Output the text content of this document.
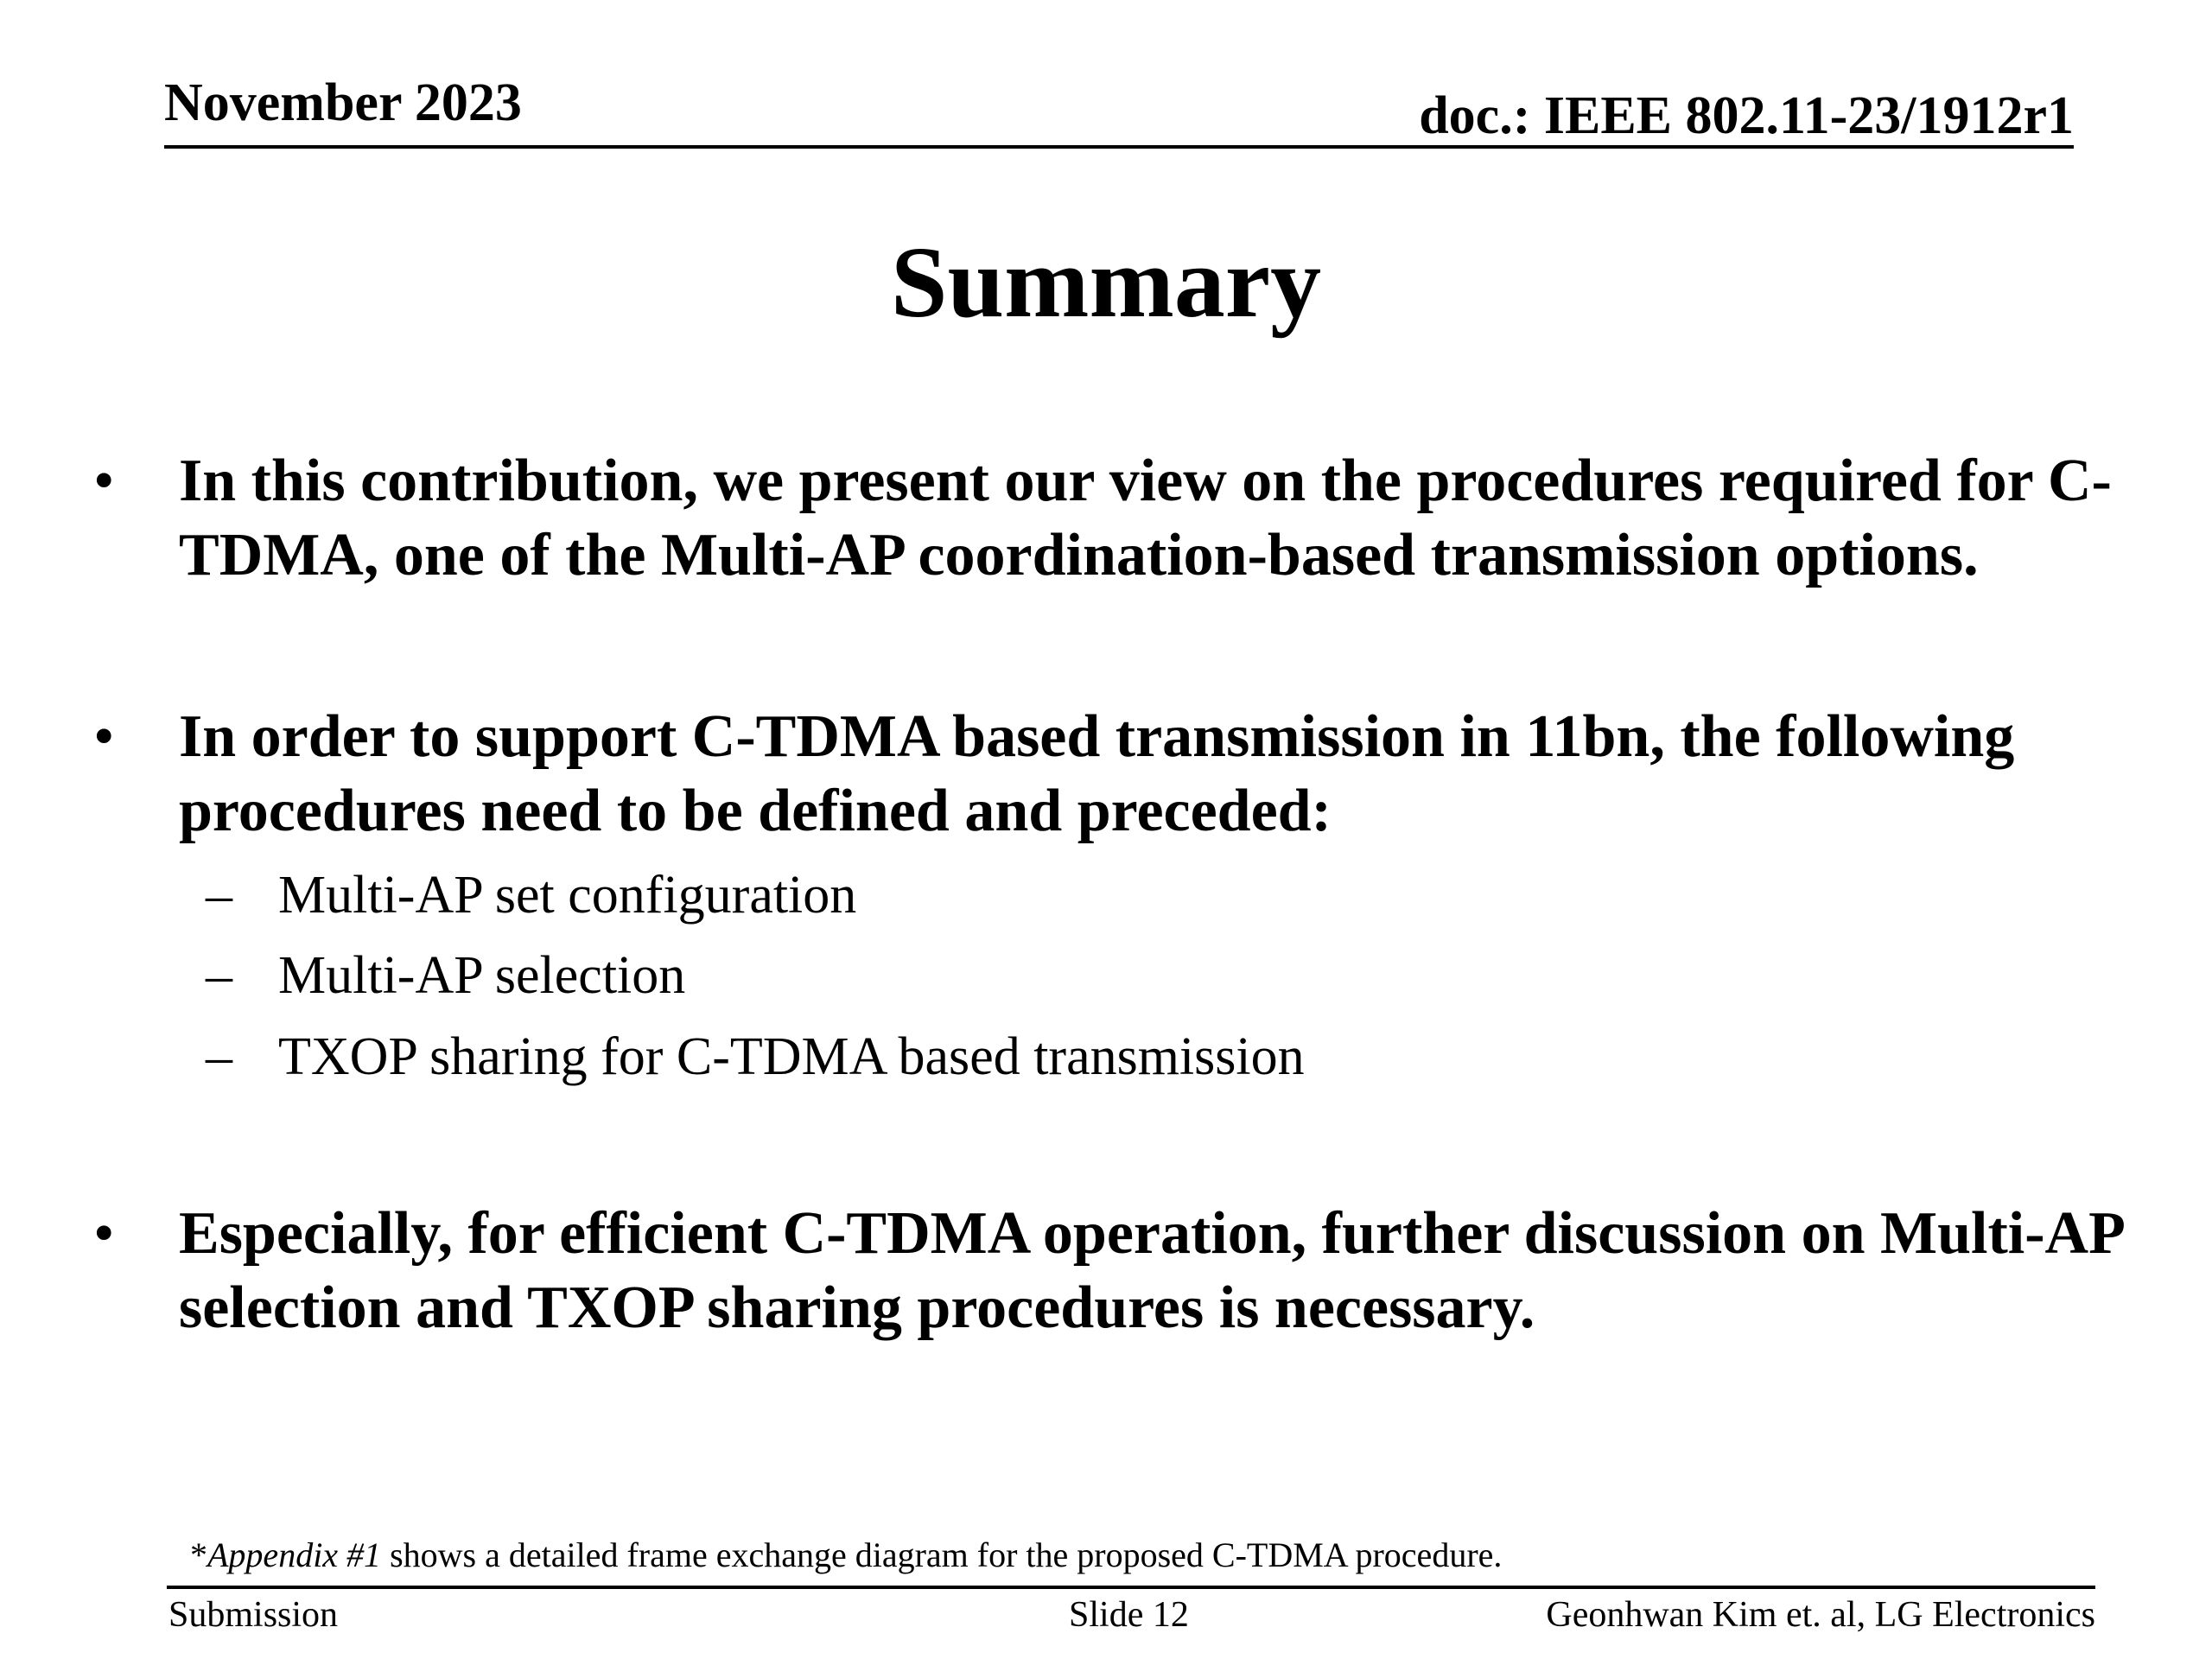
November 2023	doc.: IEEE 802.11-23/1912r1
Summary
• In this contribution, we present our view on the procedures required for C-TDMA, one of the Multi-AP coordination-based transmission options.
• In order to support C-TDMA based transmission in 11bn, the following procedures need to be defined and preceded:
– Multi-AP set configuration
– Multi-AP selection
– TXOP sharing for C-TDMA based transmission
• Especially, for efficient C-TDMA operation, further discussion on Multi-AP selection and TXOP sharing procedures is necessary.
*Appendix #1 shows a detailed frame exchange diagram for the proposed C-TDMA procedure.
Submission	Slide 12	Geonhwan Kim et. al, LG Electronics
